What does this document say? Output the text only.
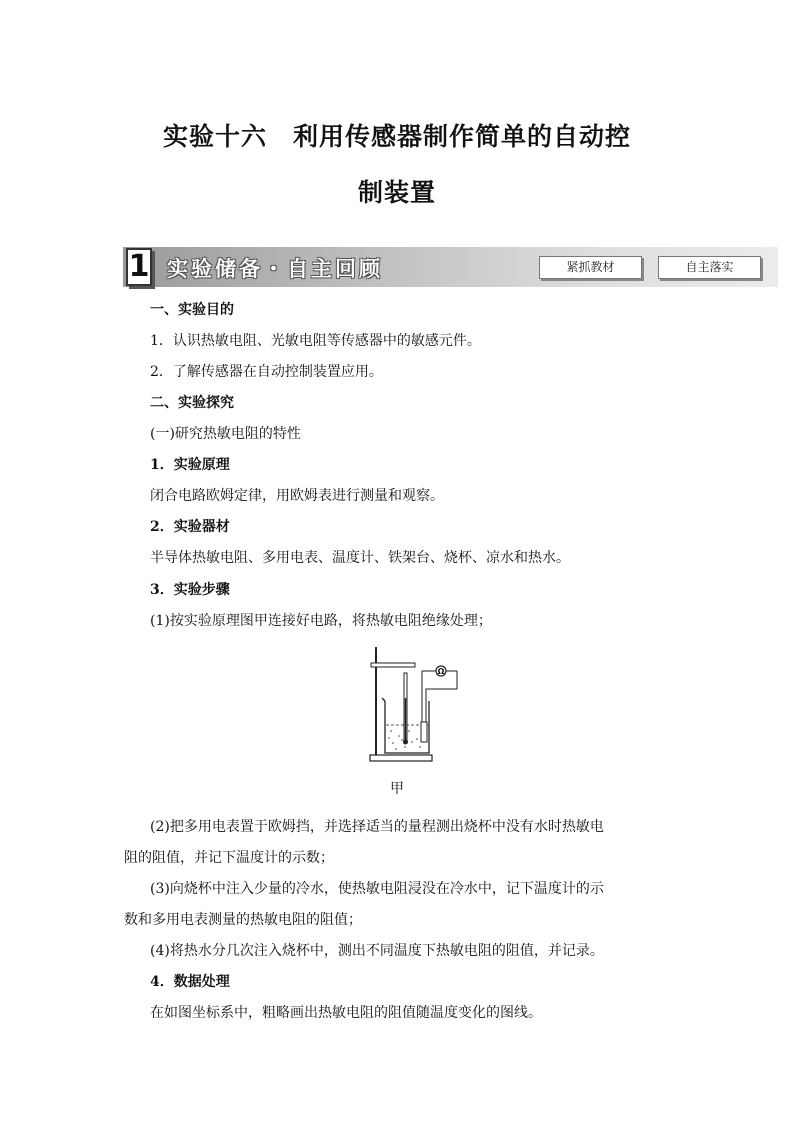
实验十六　利用传感器制作简单的自动控
制装置
1 实验储备・自主回顾	紧抓教材	自主落实
一、实验目的
1．认识热敏电阻、光敏电阻等传感器中的敏感元件。
2．了解传感器在自动控制装置应用。
二、实验探究
(一)研究热敏电阻的特性
1．实验原理
闭合电路欧姆定律，用欧姆表进行测量和观察。
2．实验器材
半导体热敏电阻、多用电表、温度计、铁架台、烧杯、凉水和热水。
3．实验步骤
(1)按实验原理图甲连接好电路，将热敏电阻绝缘处理；
Ω
甲
(2)把多用电表置于欧姆挡，并选择适当的量程测出烧杯中没有水时热敏电
阻的阻值，并记下温度计的示数；
(3)向烧杯中注入少量的冷水，使热敏电阻浸没在冷水中，记下温度计的示
数和多用电表测量的热敏电阻的阻值；
(4)将热水分几次注入烧杯中，测出不同温度下热敏电阻的阻值，并记录。
4．数据处理
在如图坐标系中，粗略画出热敏电阻的阻值随温度变化的图线。
